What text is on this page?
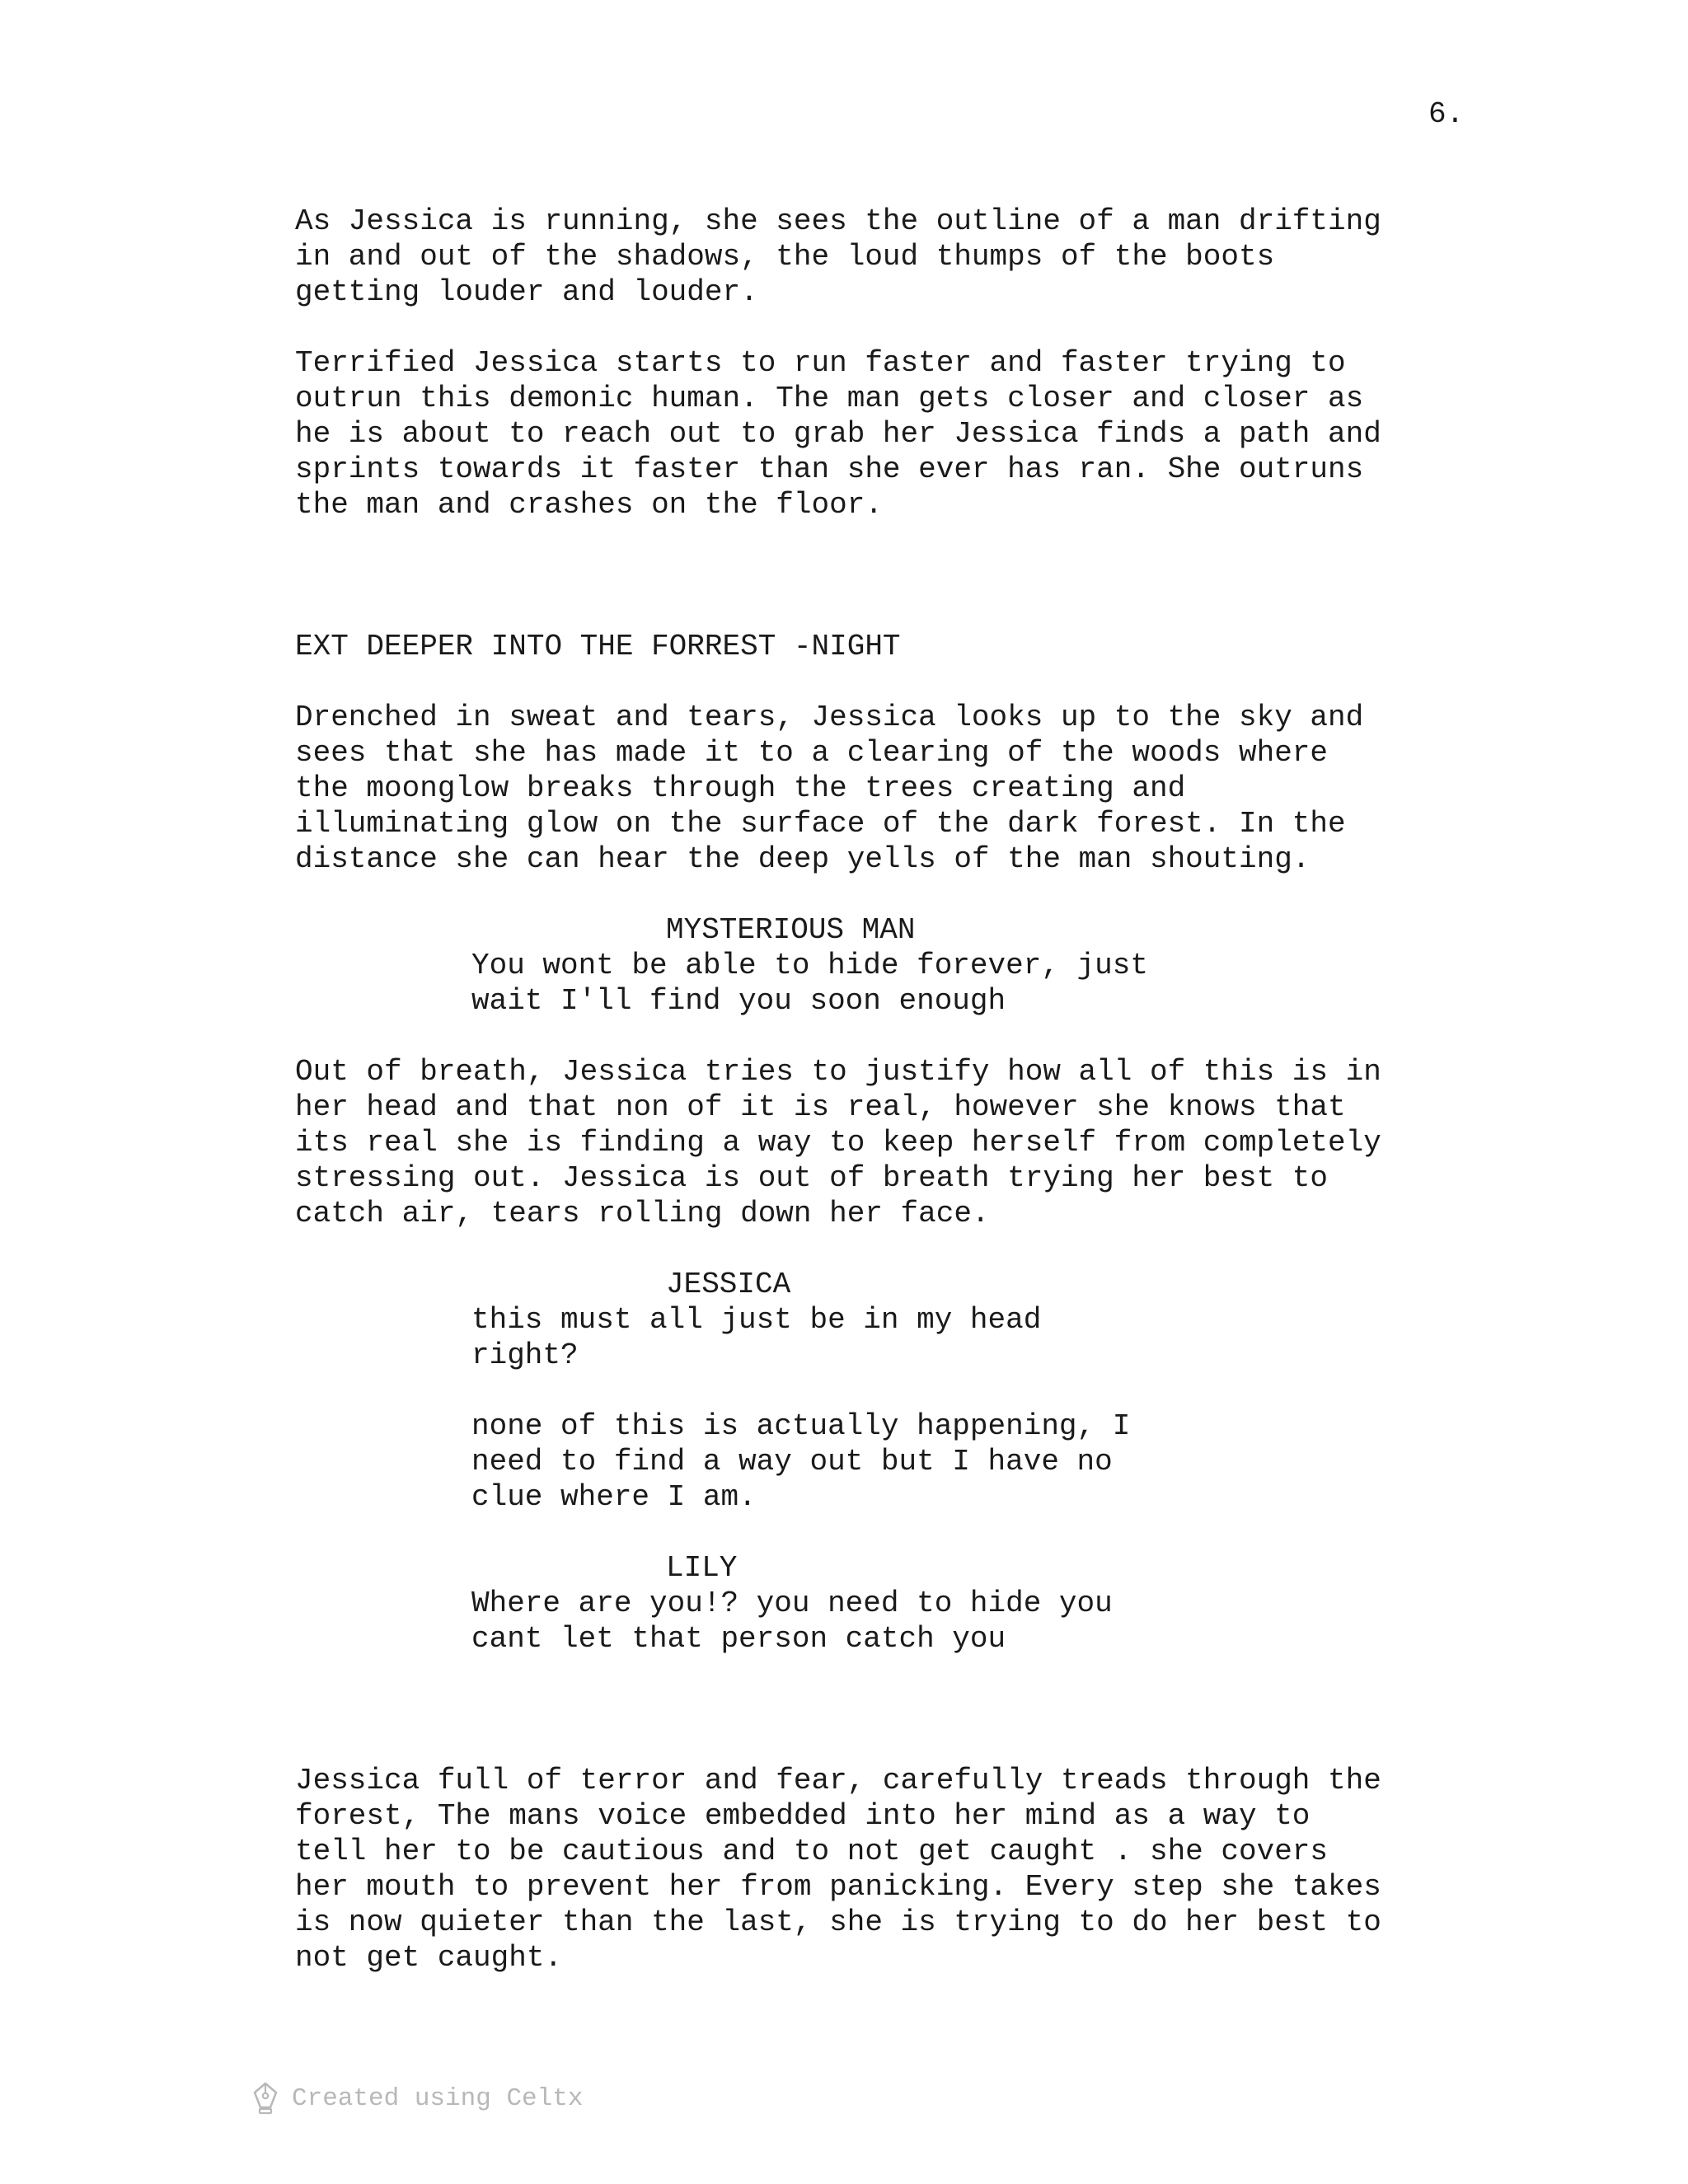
6.

As Jessica is running, she sees the outline of a man drifting
in and out of the shadows, the loud thumps of the boots
getting louder and louder.

Terrified Jessica starts to run faster and faster trying to
outrun this demonic human. The man gets closer and closer as
he is about to reach out to grab her Jessica finds a path and
sprints towards it faster than she ever has ran. She outruns
the man and crashes on the floor.

EXT DEEPER INTO THE FORREST -NIGHT

Drenched in sweat and tears, Jessica looks up to the sky and
sees that she has made it to a clearing of the woods where
the moonglow breaks through the trees creating and
illuminating glow on the surface of the dark forest. In the
distance she can hear the deep yells of the man shouting.

MYSTERIOUS MAN

You wont be able to hide forever, just
wait I'll find you soon enough

Out of breath, Jessica tries to justify how all of this is in
her head and that non of it is real, however she knows that
its real she is finding a way to keep herself from completely
stressing out. Jessica is out of breath trying her best to
catch air, tears rolling down her face.

JESSICA

this must all just be in my head
right?

none of this is actually happening, I
need to find a way out but I have no
clue where I am.

LILY

Where are you!? you need to hide you
cant let that person catch you

Jessica full of terror and fear, carefully treads through the
forest, The mans voice embedded into her mind as a way to
tell her to be cautious and to not get caught . she covers
her mouth to prevent her from panicking. Every step she takes
is now quieter than the last, she is trying to do her best to
not get caught.

Created using Celtx
